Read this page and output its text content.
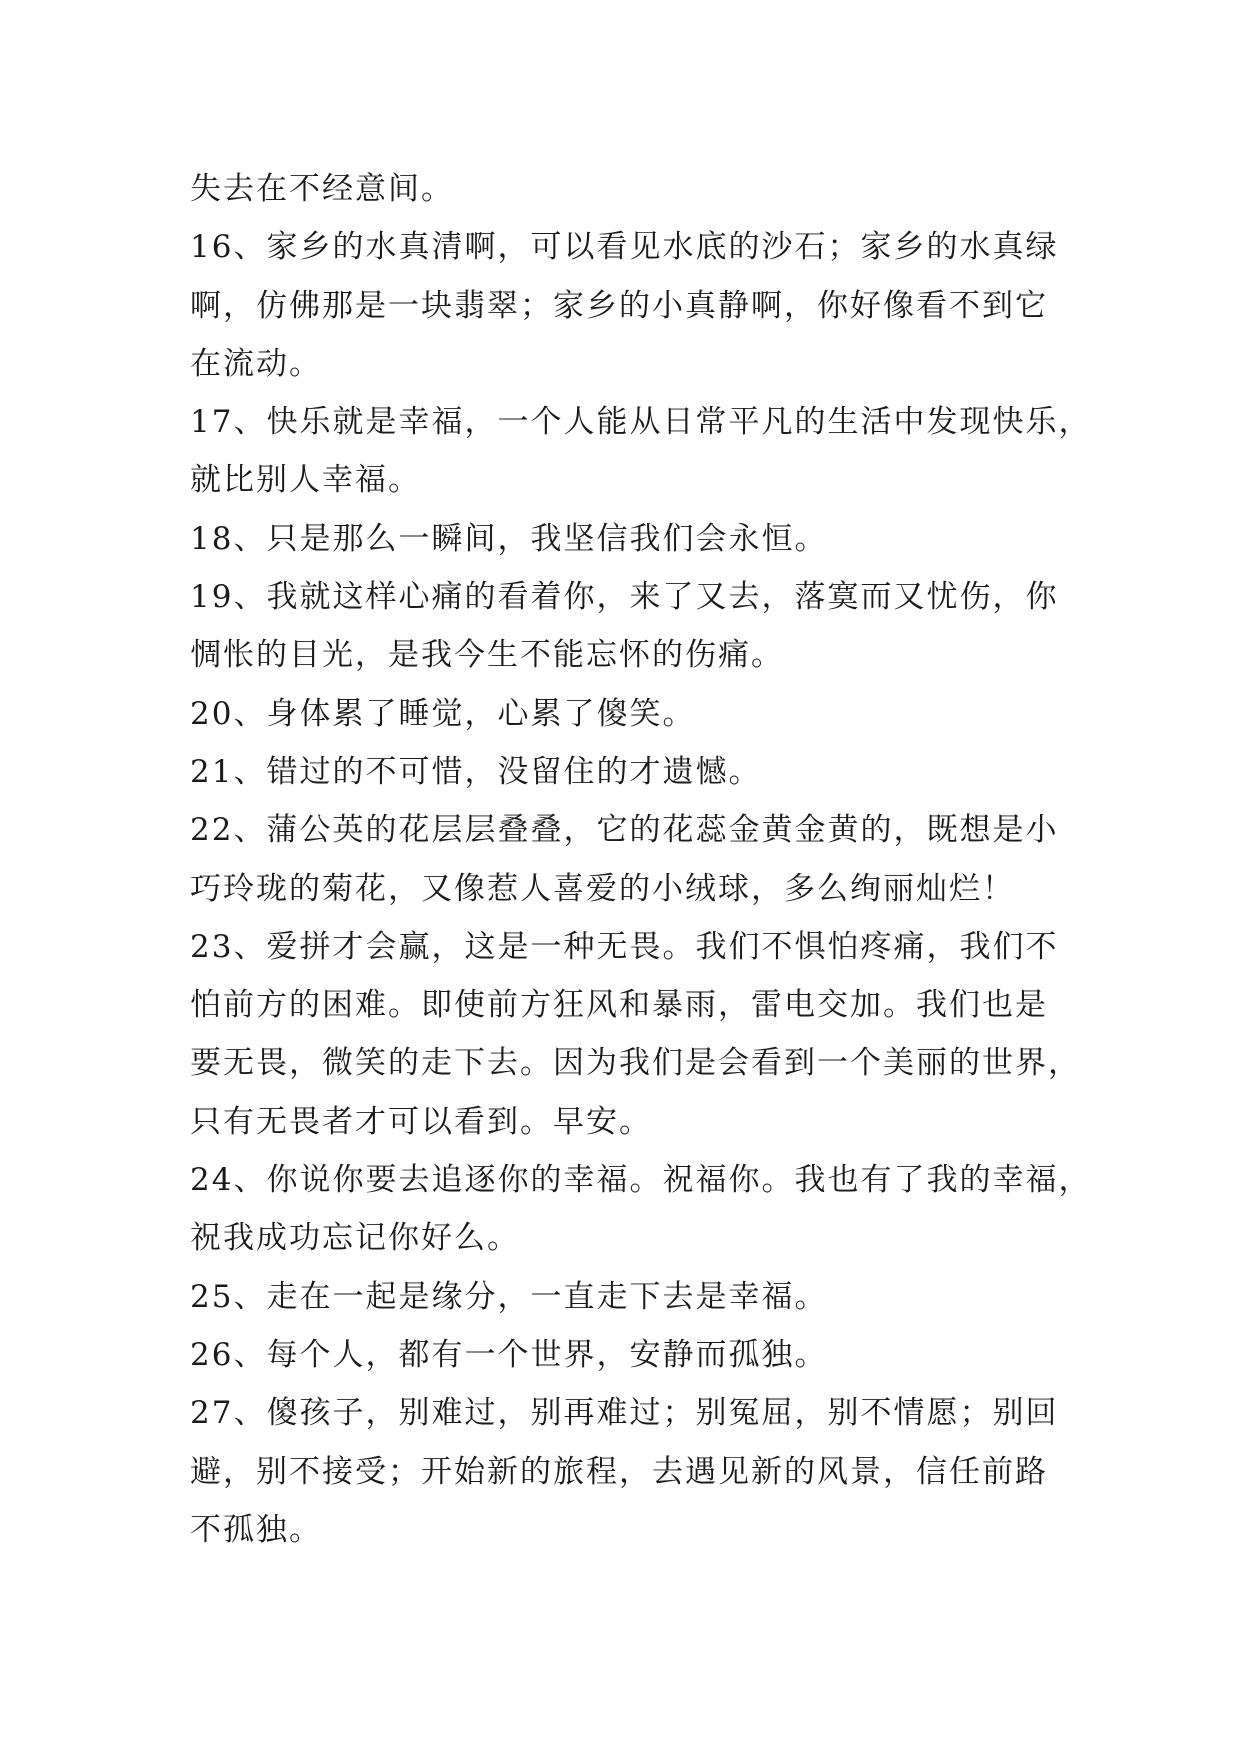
失去在不经意间。
16、家乡的水真清啊，可以看见水底的沙石；家乡的水真绿
啊，仿佛那是一块翡翠；家乡的小真静啊，你好像看不到它
在流动。
17、快乐就是幸福，一个人能从日常平凡的生活中发现快乐，
就比别人幸福。
18、只是那么一瞬间，我坚信我们会永恒。
19、我就这样心痛的看着你，来了又去，落寞而又忧伤，你
惆怅的目光，是我今生不能忘怀的伤痛。
20、身体累了睡觉，心累了傻笑。
21、错过的不可惜，没留住的才遗憾。
22、蒲公英的花层层叠叠，它的花蕊金黄金黄的，既想是小
巧玲珑的菊花，又像惹人喜爱的小绒球，多么绚丽灿烂！
23、爱拼才会赢，这是一种无畏。我们不惧怕疼痛，我们不
怕前方的困难。即使前方狂风和暴雨，雷电交加。我们也是
要无畏，微笑的走下去。因为我们是会看到一个美丽的世界，
只有无畏者才可以看到。早安。
24、你说你要去追逐你的幸福。祝福你。我也有了我的幸福，
祝我成功忘记你好么。
25、走在一起是缘分，一直走下去是幸福。
26、每个人，都有一个世界，安静而孤独。
27、傻孩子，别难过，别再难过；别冤屈，别不情愿；别回
避，别不接受；开始新的旅程，去遇见新的风景，信任前路
不孤独。
